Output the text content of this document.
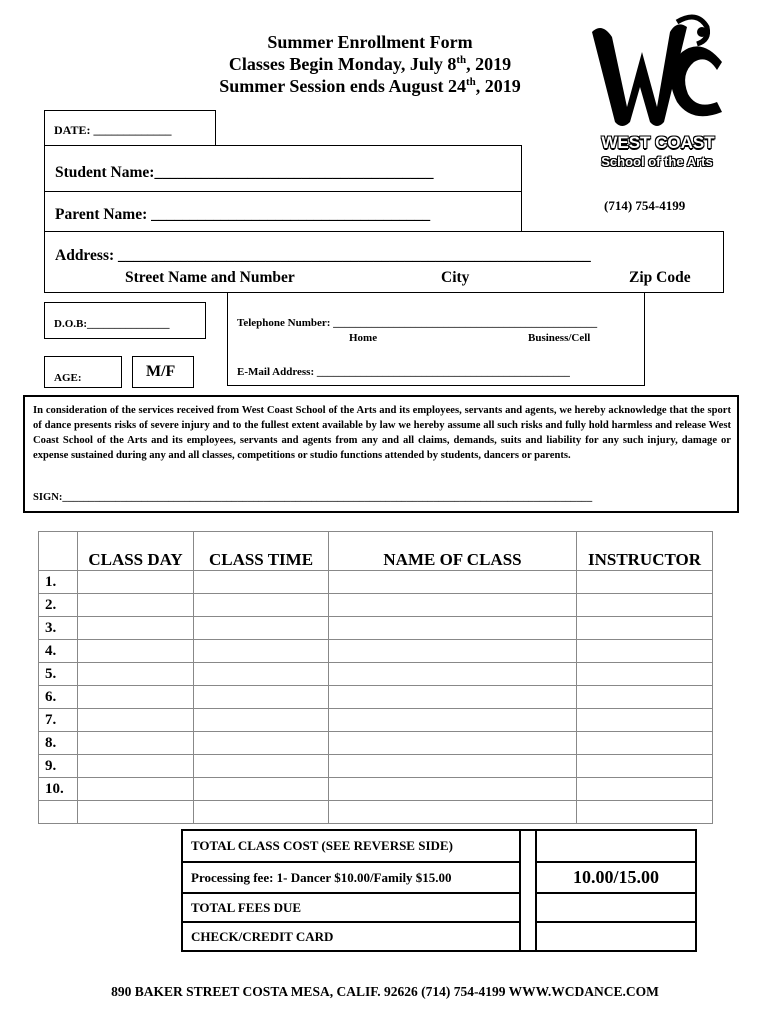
Summer Enrollment Form
Classes Begin Monday, July 8th, 2019
Summer Session ends August 24th, 2019
WEST COAST
School of the Arts
(714) 754-4199
DATE: _____________
Student Name:____________________________________
Parent Name: ____________________________________
Address: _____________________________________________________________
Street Name and Number	City	Zip Code
D.O.B:_______________	Telephone Number: ________________________________________________
Home	Business/Cell
E-Mail Address: ______________________________________________
AGE:	M/F
In consideration of the services received from West Coast School of the Arts and its employees, servants and agents, we hereby acknowledge that the sport of dance presents risks of severe injury and to the fullest extent available by law we hereby assume all such risks and fully hold harmless and release West Coast School of the Arts and its employees, servants and agents from any and all claims, demands, suits and liability for any such injury, damage or expense sustained during any and all classes, competitions or studio functions attended by students, dancers or parents.
SIGN:____________________________________________________________________________________________________
	CLASS DAY	CLASS TIME	NAME OF CLASS	INSTRUCTOR
1.				
2.				
3.				
4.				
5.				
6.				
7.				
8.				
9.				
10.				

TOTAL CLASS COST (SEE REVERSE SIDE)		
Processing fee: 1- Dancer $10.00/Family $15.00		10.00/15.00
TOTAL FEES DUE		
CHECK/CREDIT CARD		
890 BAKER STREET COSTA MESA, CALIF. 92626 (714) 754-4199 WWW.WCDANCE.COM
